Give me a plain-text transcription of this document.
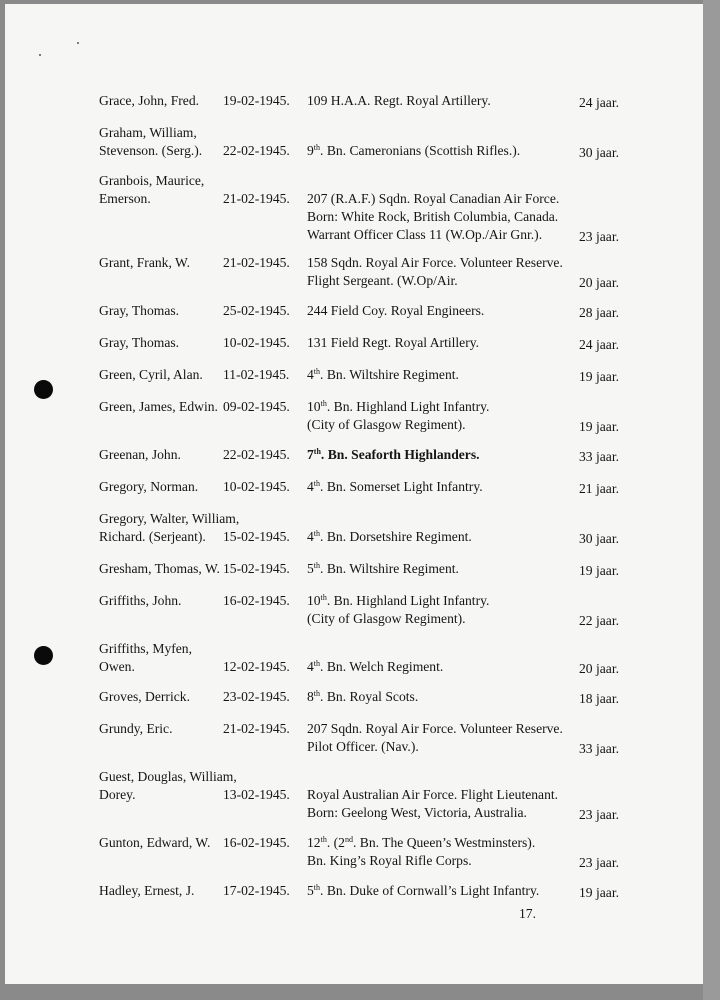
Grace, John, Fred. 19-02-1945. 109 H.A.A. Regt. Royal Artillery.	24 jaar.
Graham, William,
Stevenson. (Serg.). 22-02-1945. 9th. Bn. Cameronians (Scottish Rifles.).	30 jaar.
Granbois, Maurice,
Emerson.	21-02-1945. 207 (R.A.F.) Sqdn. Royal Canadian Air Force.
Born: White Rock, British Columbia, Canada.
Warrant Officer Class 11 (W.Op./Air Gnr.).	23 jaar.
Grant, Frank, W. 21-02-1945. 158 Sqdn. Royal Air Force. Volunteer Reserve.
Flight Sergeant. (W.Op/Air.	20 jaar.
Gray, Thomas.	25-02-1945. 244 Field Coy. Royal Engineers.	28 jaar.
Gray, Thomas.	10-02-1945. 131 Field Regt. Royal Artillery.	24 jaar.
Green, Cyril, Alan. 11-02-1945. 4th. Bn. Wiltshire Regiment.	19 jaar.
Green, James, Edwin. 09-02-1945. 10th. Bn. Highland Light Infantry.
(City of Glasgow Regiment).	19 jaar.
Greenan, John.	22-02-1945. 7th. Bn. Seaforth Highlanders.	33 jaar.
Gregory, Norman. 10-02-1945. 4th. Bn. Somerset Light Infantry.	21 jaar.
Gregory, Walter, William,
Richard. (Serjeant). 15-02-1945. 4th. Bn. Dorsetshire Regiment.	30 jaar.
Gresham, Thomas, W. 15-02-1945. 5th. Bn. Wiltshire Regiment.	19 jaar.
Griffiths, John.	16-02-1945. 10th. Bn. Highland Light Infantry.
(City of Glasgow Regiment).	22 jaar.
Griffiths, Myfen,
Owen.	12-02-1945. 4th. Bn. Welch Regiment.	20 jaar.
Groves, Derrick. 23-02-1945. 8th. Bn. Royal Scots.	18 jaar.
Grundy, Eric.	21-02-1945. 207 Sqdn. Royal Air Force. Volunteer Reserve.
Pilot Officer. (Nav.).	33 jaar.
Guest, Douglas, William,
Dorey.	13-02-1945. Royal Australian Air Force. Flight Lieutenant.
Born: Geelong West, Victoria, Australia.	23 jaar.
Gunton, Edward, W. 16-02-1945. 12th. (2nd. Bn. The Queen’s Westminsters).
Bn. King’s Royal Rifle Corps.	23 jaar.
Hadley, Ernest, J. 17-02-1945. 5th. Bn. Duke of Cornwall’s Light Infantry.	19 jaar.
17.
